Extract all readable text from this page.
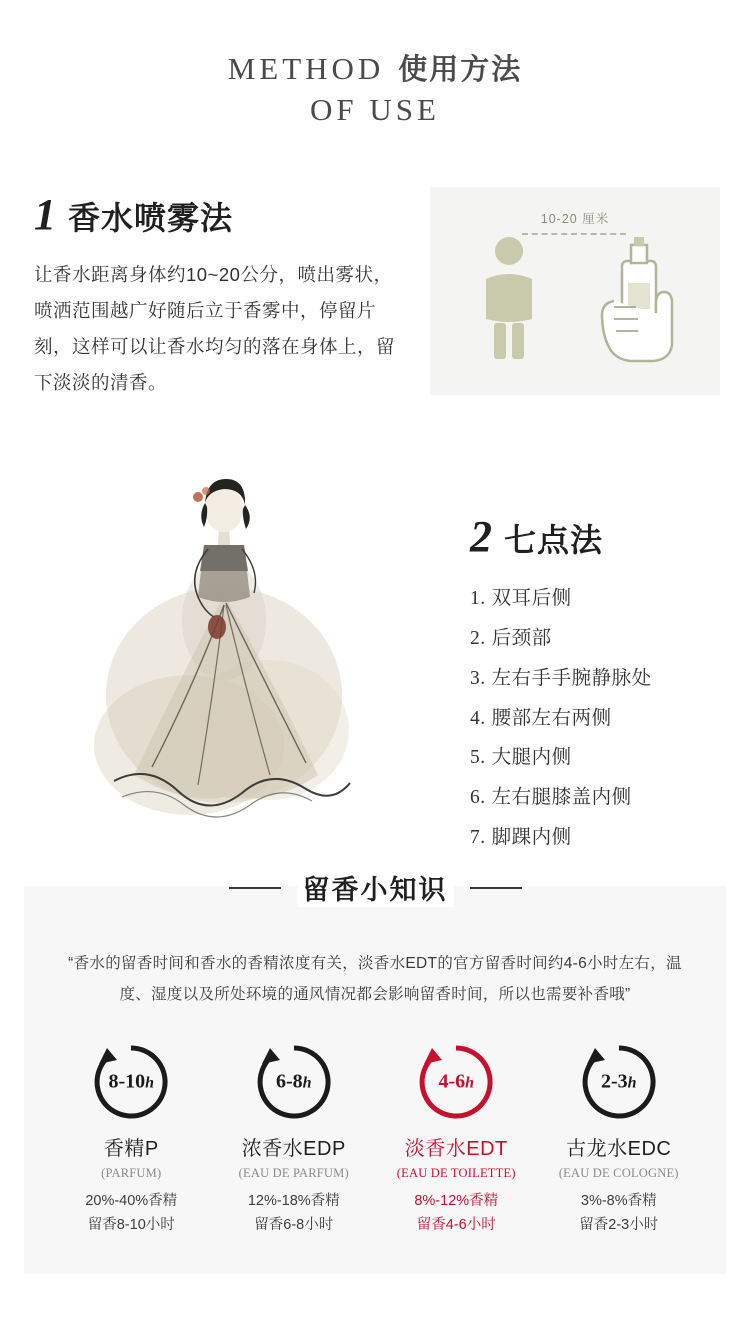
METHOD 使用方法
OF USE
1 香水喷雾法
让香水距离身体约10~20公分，喷出雾状，喷洒范围越广好随后立于香雾中，停留片刻，这样可以让香水均匀的落在身体上，留下淡淡的清香。
10-20 厘米
2 七点法
1. 双耳后侧
2. 后颈部
3. 左右手手腕静脉处
4. 腰部左右两侧
5. 大腿内侧
6. 左右腿膝盖内侧
7. 脚踝内侧
留香小知识
“香水的留香时间和香水的香精浓度有关，淡香水EDT的官方留香时间约4-6小时左右，温度、湿度以及所处环境的通风情况都会影响留香时间，所以也需要补香哦”
8-10h
香精P
(PARFUM)
20%-40%香精
留香8-10小时
6-8h
浓香水EDP
(EAU DE PARFUM)
12%-18%香精
留香6-8小时
4-6h
淡香水EDT
(EAU DE TOILETTE)
8%-12%香精
留香4-6小时
2-3h
古龙水EDC
(EAU DE COLOGNE)
3%-8%香精
留香2-3小时
